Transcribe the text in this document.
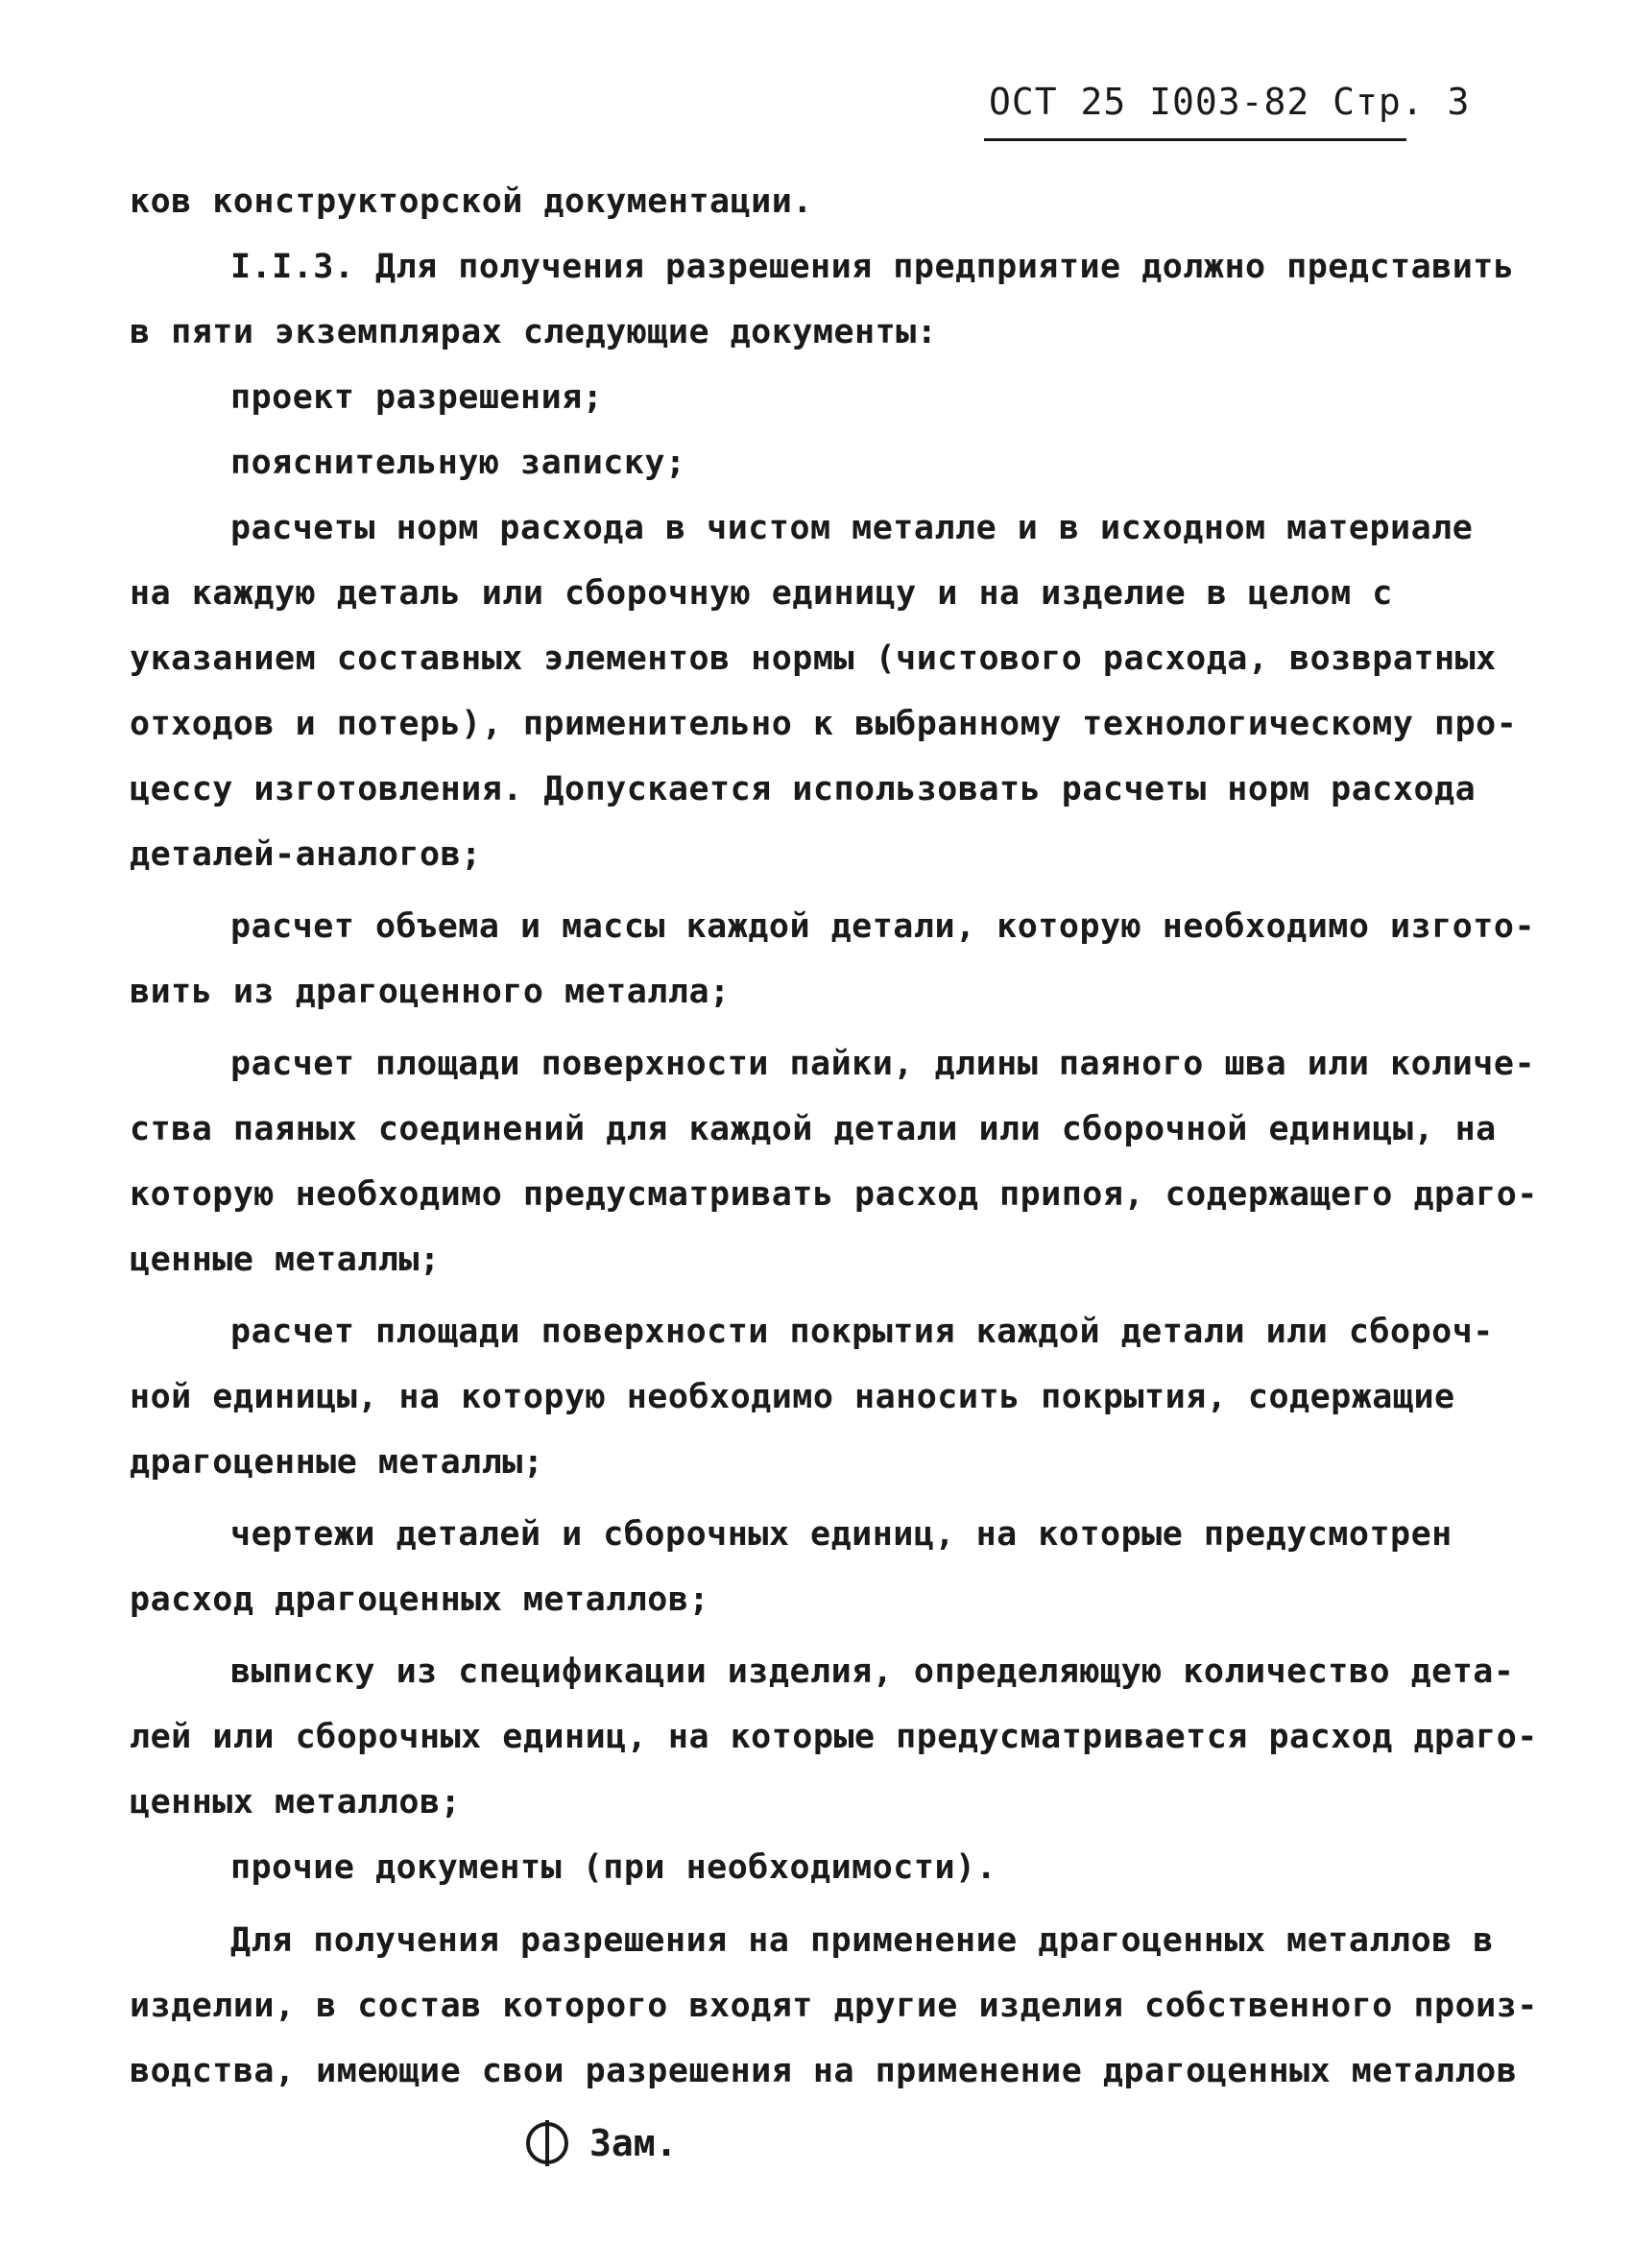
ОСТ 25 I003-82 Стр. 3
ков конструкторской документации.
I.I.3. Для получения разрешения предприятие должно представить
в пяти экземплярах следующие документы:
проект разрешения;
пояснительную записку;
расчеты норм расхода в чистом металле и в исходном материале
на каждую деталь или сборочную единицу и на изделие в целом с
указанием составных элементов нормы (чистового расхода, возвратных
отходов и потерь), применительно к выбранному технологическому про-
цессу изготовления. Допускается использовать расчеты норм расхода
деталей-аналогов;
расчет объема и массы каждой детали, которую необходимо изгото-
вить из драгоценного металла;
расчет площади поверхности пайки, длины паяного шва или количе-
ства паяных соединений для каждой детали или сборочной единицы, на
которую необходимо предусматривать расход припоя, содержащего драго-
ценные металлы;
расчет площади поверхности покрытия каждой детали или сбороч-
ной единицы, на которую необходимо наносить покрытия, содержащие
драгоценные металлы;
чертежи деталей и сборочных единиц, на которые предусмотрен
расход драгоценных металлов;
выписку из спецификации изделия, определяющую количество дета-
лей или сборочных единиц, на которые предусматривается расход драго-
ценных металлов;
прочие документы (при необходимости).
Для получения разрешения на применение драгоценных металлов в
изделии, в состав которого входят другие изделия собственного произ-
водства, имеющие свои разрешения на применение драгоценных металлов
Зам.
